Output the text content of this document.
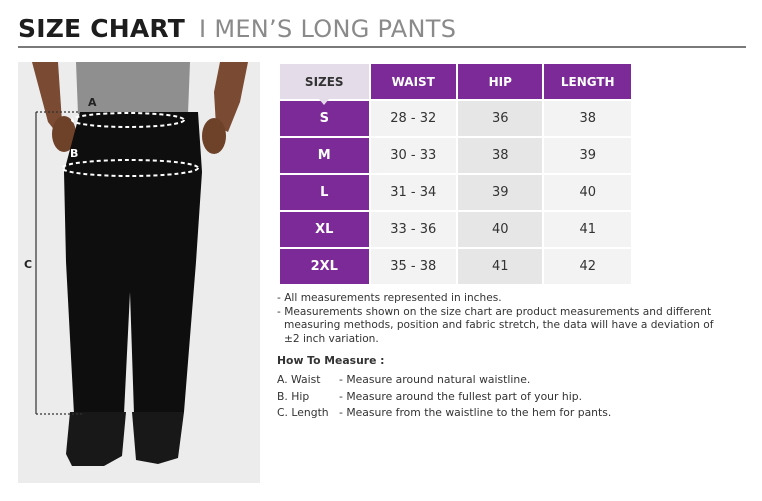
SIZE CHART I MEN’S LONG PANTS
A
B
C
SIZES	WAIST	HIP	LENGTH

S	28 - 32	36	38
M	30 - 33	38	39
L	31 - 34	39	40
XL	33 - 36	40	41
2XL	35 - 38	41	42
- All measurements represented in inches.
- Measurements shown on the size chart are product measurements and different
measuring methods, position and fabric stretch, the data will have a deviation of
±2 inch variation.
How To Measure :
A. Waist	- Measure around natural waistline.
B. Hip	- Measure around the fullest part of your hip.
C. Length - Measure from the waistline to the hem for pants.
